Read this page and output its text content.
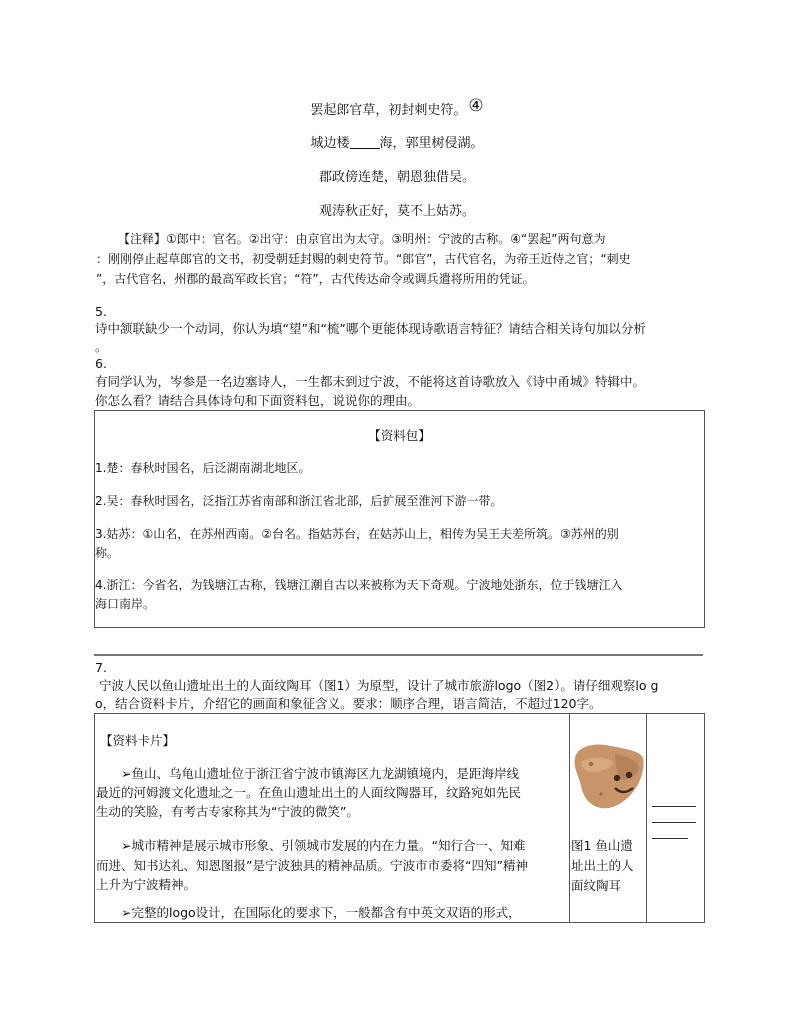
罢起郎官草，初封刺史符。 ④
城边楼 海，郭里树侵湖。
郡政傍连楚，朝恩独借吴。
观涛秋正好，莫不上姑苏。
【注释】①郎中：官名。②出守：由京官出为太守。③明州：宁波的古称。④“罢起”两句意为
：刚刚停止起草郎官的文书，初受朝廷封赐的刺史符节。“郎官”，古代官名，为帝王近侍之官；“刺史
”，古代官名，州郡的最高军政长官；“符”，古代传达命令或调兵遣将所用的凭证。
5.
诗中颔联缺少一个动词，你认为填“望”和“梳”哪个更能体现诗歌语言特征？请结合相关诗句加以分析
。
6.
有同学认为，岑参是一名边塞诗人，一生都未到过宁波，不能将这首诗歌放入《诗中甬城》特辑中。
你怎么看？请结合具体诗句和下面资料包，说说你的理由。
【资料包】
1.楚：春秋时国名，后泛湖南湖北地区。
2.吴：春秋时国名，泛指江苏省南部和浙江省北部，后扩展至淮河下游一带。
3.姑苏：①山名，在苏州西南。②台名。指姑苏台，在姑苏山上，相传为吴王夫差所筑。③苏州的别
称。
4.浙江：今省名，为钱塘江古称，钱塘江潮自古以来被称为天下奇观。宁波地处浙东，位于钱塘江入
海口南岸。
7.
宁波人民以鱼山遗址出土的人面纹陶耳（图1）为原型，设计了城市旅游logo（图2）。请仔细观察lo g
o，结合资料卡片，介绍它的画面和象征含义。要求：顺序合理，语言简洁，不超过120字。
【资料卡片】
➢鱼山、乌龟山遗址位于浙江省宁波市镇海区九龙湖镇境内，是距海岸线
最近的河姆渡文化遗址之一。在鱼山遗址出土的人面纹陶器耳，纹路宛如先民
生动的笑脸，有考古专家称其为“宁波的微笑”。
➢城市精神是展示城市形象、引领城市发展的内在力量。“知行合一、知难
而进、知书达礼、知恩图报”是宁波独具的精神品质。宁波市市委将“四知”精神
上升为宁波精神。
➢完整的logo设计，在国际化的要求下，一般都含有中英文双语的形式，
图1 鱼山遗
址出土的人
面纹陶耳
